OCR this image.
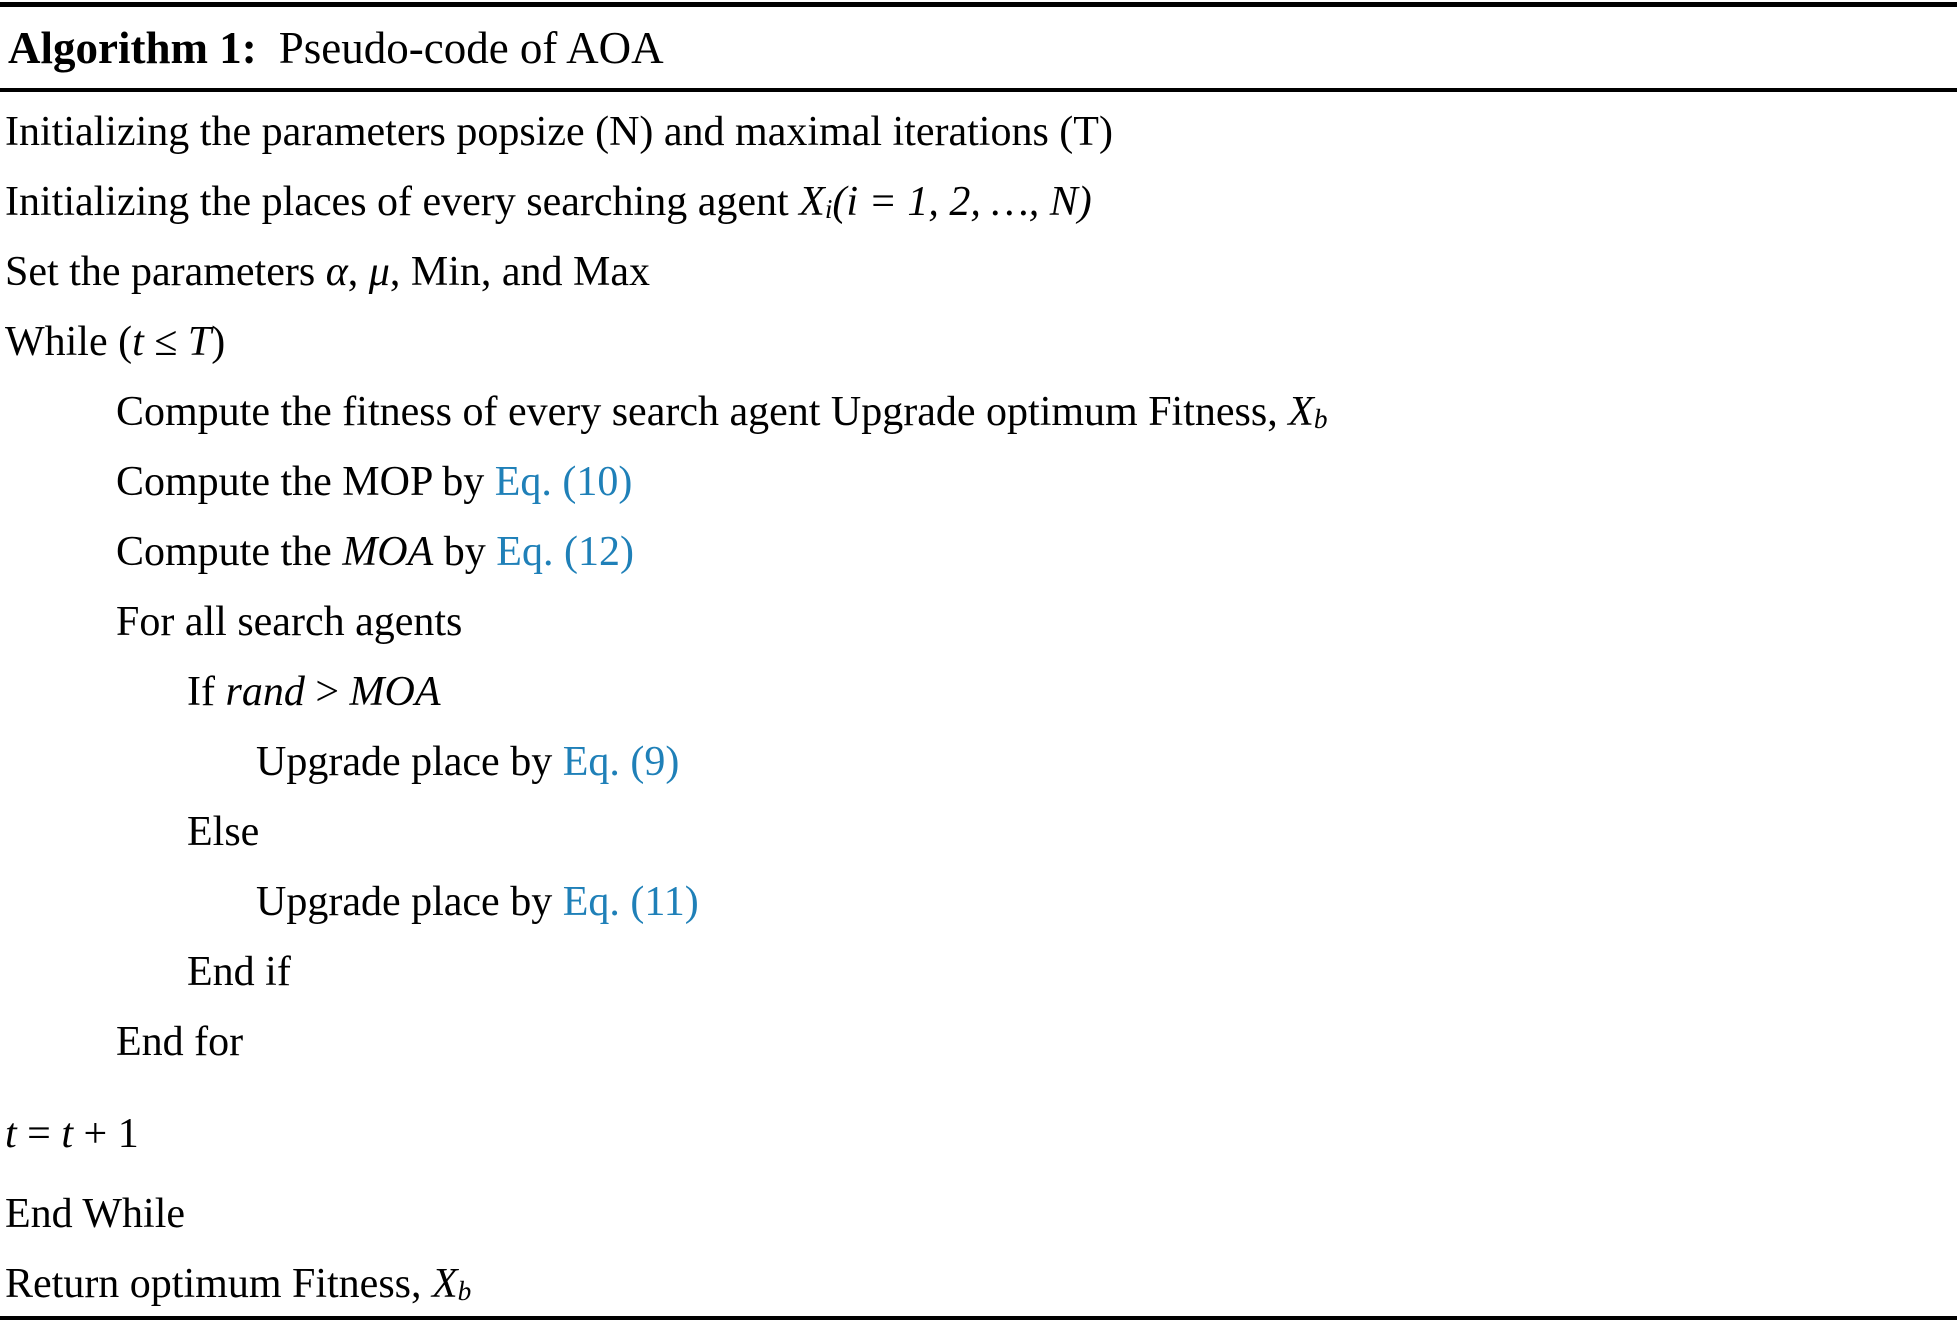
Algorithm 1: Pseudo-code of AOA
Initializing the parameters popsize (N) and maximal iterations (T)
Initializing the places of every searching agent $X_i$ (i = 1, 2, …, N)
Set the parameters α , μ , Min, and Max
While ( t ≤ T )
Compute the fitness of every search agent Upgrade optimum Fitness, $X_b$
Compute the MOP by Eq. (10)
Compute the MOA by Eq. (12)
For all search agents
If rand > MOA
Upgrade place by Eq. (9)
Else
Upgrade place by Eq. (11)
End if
End for
t = t + 1
End While
Return optimum Fitness, $X_b$
